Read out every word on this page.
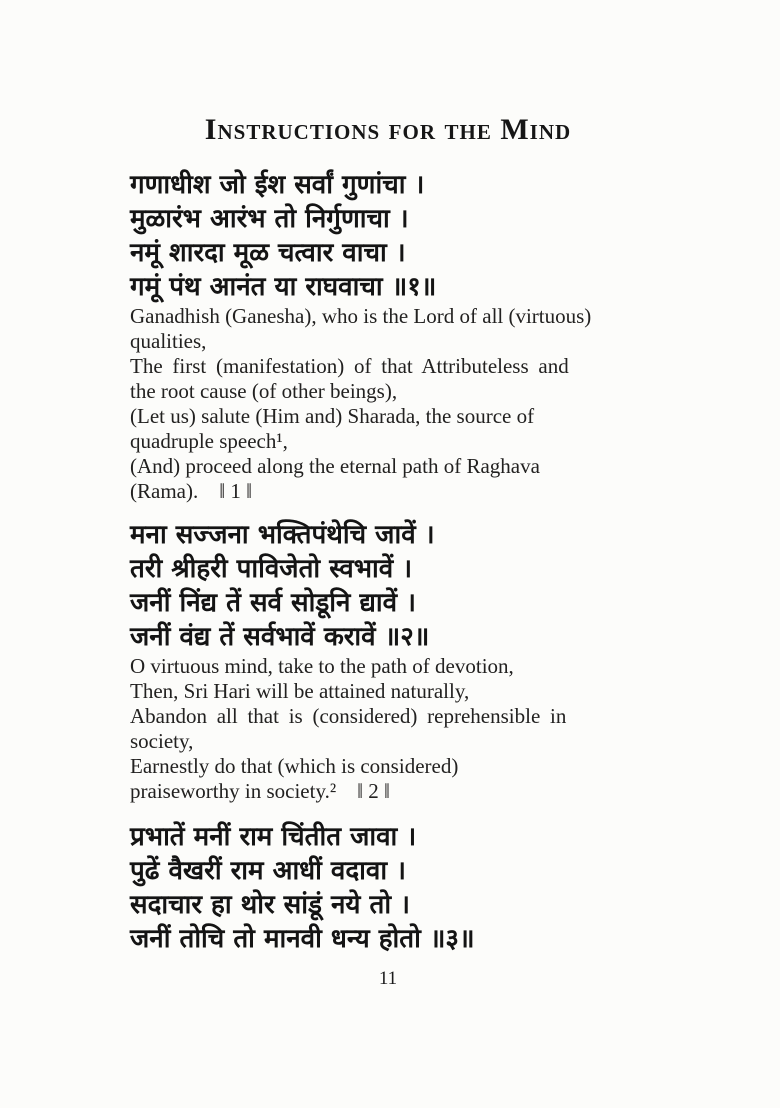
Instructions for the Mind
गणाधीश जो ईश सर्वां गुणांचा ।
मुळारंभ आरंभ तो निर्गुणाचा ।
नमूं शारदा मूळ चत्वार वाचा ।
गमूं पंथ आनंत या राघवाचा ॥१॥
Ganadhish (Ganesha), who is the Lord of all (virtuous)
qualities,
The first (manifestation) of that Attributeless and
the root cause (of other beings),
(Let us) salute (Him and) Sharada, the source of
quadruple speech¹,
(And) proceed along the eternal path of Raghava
(Rama).    ‖ 1 ‖
मना सज्जना भक्तिपंथेचि जावें ।
तरी श्रीहरी पाविजेतो स्वभावें ।
जनीं निंद्य तें सर्व सोडूनि द्यावें ।
जनीं वंद्य तें सर्वभावें करावें ॥२॥
O virtuous mind, take to the path of devotion,
Then, Sri Hari will be attained naturally,
Abandon all that is (considered) reprehensible in
society,
Earnestly do that (which is considered)
praiseworthy in society.²    ‖ 2 ‖
प्रभातें मनीं राम चिंतीत जावा ।
पुढें वैखरीं राम आधीं वदावा ।
सदाचार हा थोर सांडूं नये तो ।
जनीं तोचि तो मानवी धन्य होतो ॥३॥
11
